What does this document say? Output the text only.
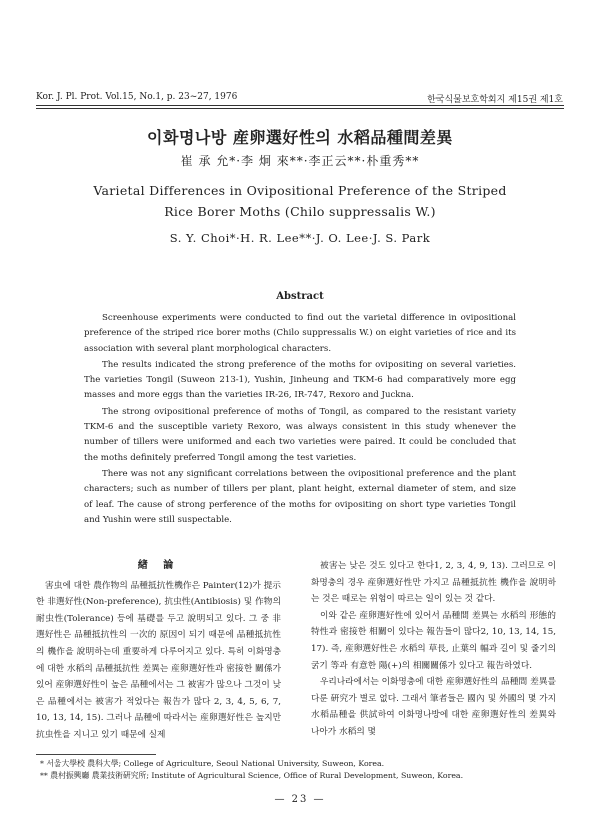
Kor. J. Pl. Prot. Vol.15, No.1, p. 23~27, 1976	한국식물보호학회지 제15권 제1호
이화명나방 産卵選好性의 水稻品種間差異
崔 承 允*·李 炯 來**·李正云**·朴重秀**
Varietal Differences in Ovipositional Preference of the Striped
Rice Borer Moths (Chilo suppressalis W.)
S. Y. Choi*·H. R. Lee**·J. O. Lee·J. S. Park
Abstract

Screenhouse experiments were conducted to find out the varietal difference in ovipositional preference of the striped rice borer moths (Chilo suppressalis W.) on eight varieties of rice and its association with several plant morphological characters.

The results indicated the strong preference of the moths for ovipositing on several varieties. The varieties Tongil (Suweon 213-1), Yushin, Jinheung and TKM-6 had comparatively more egg masses and more eggs than the varieties IR-26, IR-747, Rexoro and Juckna.

The strong ovipositional preference of moths of Tongil, as compared to the resistant variety TKM-6 and the susceptible variety Rexoro, was always consistent in this study whenever the number of tillers were uniformed and each two varieties were paired. It could be concluded that the moths definitely preferred Tongil among the test varieties.

There was not any significant correlations between the ovipositional preference and the plant characters; such as number of tillers per plant, plant height, external diameter of stem, and size of leaf. The cause of strong perference of the moths for ovipositing on short type varieties Tongil and Yushin were still suspectable.

緖 論

害虫에 대한 農作物의 品種抵抗性機作은 Painter(12)가 提示한 非選好性(Non-preference), 抗虫性(Antibiosis) 및 作物의 耐虫性(Tolerance) 등에 基礎를 두고 說明되고 있다. 그 중 非選好性은 品種抵抗性의 一次的 原因이 되기 때문에 品種抵抗性의 機作을 說明하는데 重要하게 다루어지고 있다. 특히 이화명충에 대한 水稻의 品種抵抗性 差異는 産卵選好性과 密接한 關係가 있어 産卵選好性이 높은 品種에서는 그 被害가 많으나 그것이 낮은 品種에서는 被害가 적었다는 報告가 많다 2, 3, 4, 5, 6, 7, 10, 13, 14, 15). 그러나 品種에 따라서는 産卵選好性은 높지만 抗虫性을 지니고 있기 때문에 실제

被害는 낮은 것도 있다고 한다1, 2, 3, 4, 9, 13). 그러므로 이화명충의 경우 産卵選好性만 가지고 品種抵抗性 機作을 說明하는 것은 때로는 위험이 따르는 일이 있는 것 같다.

이와 같은 産卵選好性에 있어서 品種間 差異는 水稻의 形態的 特性과 密接한 相關이 있다는 報告들이 많다2, 10, 13, 14, 15, 17). 즉, 産卵選好性은 水稻의 草長, 止葉의 幅과 길이 및 줄기의 굵기 等과 有意한 陽(+)의 相關關係가 있다고 報告하였다.

우리나라에서는 이화명충에 대한 産卵選好性의 品種間 差異를 다룬 硏究가 별로 없다. 그래서 筆者들은 國內 및 外國의 몇 가지 水稻品種을 供試하여 이화명나방에 대한 産卵選好性의 差異와 나아가 水稻의 몇

* 서울大學校 農科大學; College of Agriculture, Seoul National University, Suweon, Korea.
** 農村振興廳 農業技術硏究所; Institute of Agricultural Science, Office of Rural Development, Suweon, Korea.
— 23 —
